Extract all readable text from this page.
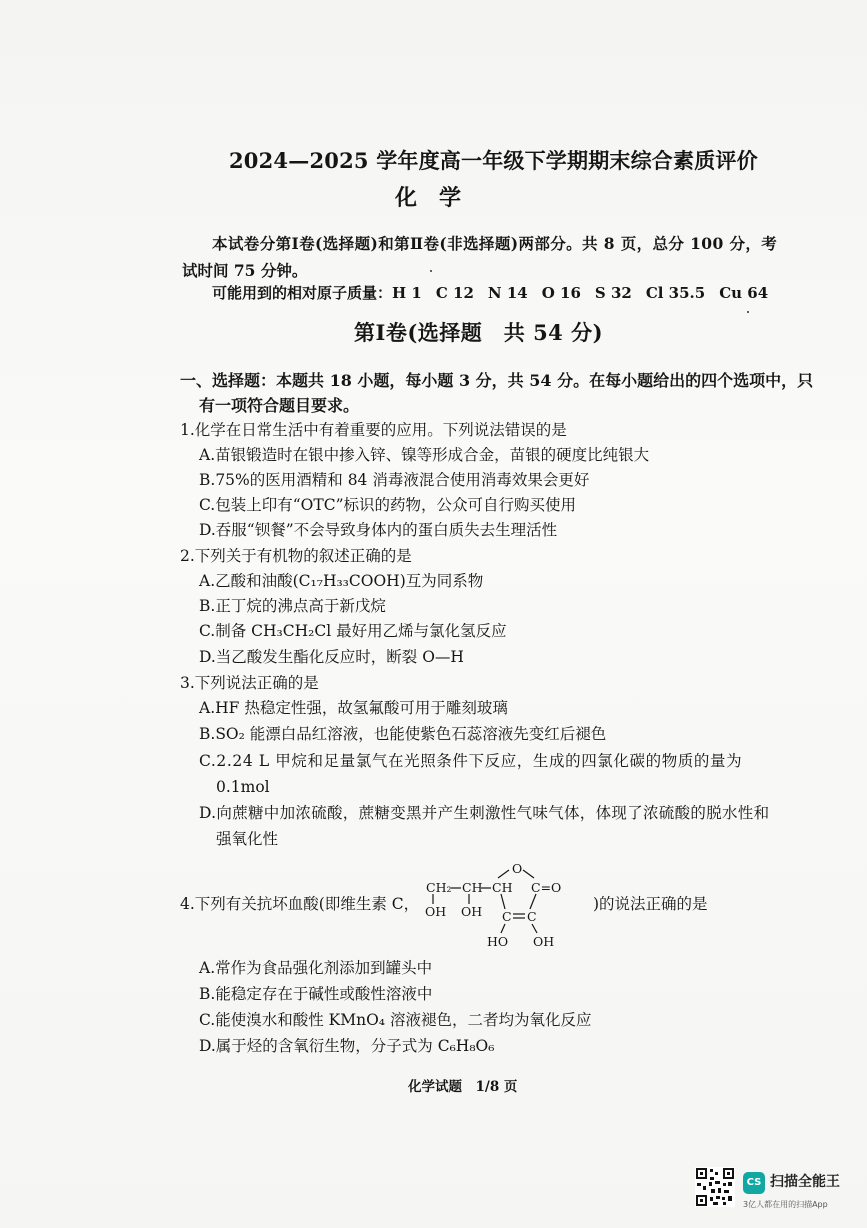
2024—2025 学年度高一年级下学期期末综合素质评价
化学
本试卷分第Ⅰ卷(选择题)和第Ⅱ卷(非选择题)两部分。共 8 页，总分 100 分，考
试时间 75 分钟。
可能用到的相对原子质量：H 1 C 12 N 14 O 16 S 32 Cl 35.5 Cu 64
第Ⅰ卷(选择题　共 54 分)
一、选择题：本题共 18 小题，每小题 3 分，共 54 分。在每小题给出的四个选项中，只
有一项符合题目要求。
1.化学在日常生活中有着重要的应用。下列说法错误的是
A.苗银锻造时在银中掺入锌、镍等形成合金，苗银的硬度比纯银大
B.75%的医用酒精和 84 消毒液混合使用消毒效果会更好
C.包装上印有“OTC”标识的药物，公众可自行购买使用
D.吞服“钡餐”不会导致身体内的蛋白质失去生理活性
2.下列关于有机物的叙述正确的是
A.乙酸和油酸(C₁₇H₃₃COOH)互为同系物
B.正丁烷的沸点高于新戊烷
C.制备 CH₃CH₂Cl 最好用乙烯与氯化氢反应
D.当乙酸发生酯化反应时，断裂 O—H
3.下列说法正确的是
A.HF 热稳定性强，故氢氟酸可用于雕刻玻璃
B.SO₂ 能漂白品红溶液，也能使紫色石蕊溶液先变红后褪色
C.2.24 L 甲烷和足量氯气在光照条件下反应，生成的四氯化碳的物质的量为
0.1mol
D.向蔗糖中加浓硫酸，蔗糖变黑并产生刺激性气味气体，体现了浓硫酸的脱水性和
强氧化性
4.下列有关抗坏血酸(即维生素 C，
O
CH₂ CH CH C=O
OH OH C C
HO OH
)的说法正确的是
A.常作为食品强化剂添加到罐头中
B.能稳定存在于碱性或酸性溶液中
C.能使溴水和酸性 KMnO₄ 溶液褪色，二者均为氧化反应
D.属于烃的含氧衍生物，分子式为 C₆H₈O₆
化学试题　1/8 页
CS 扫描全能王
3亿人都在用的扫描App
